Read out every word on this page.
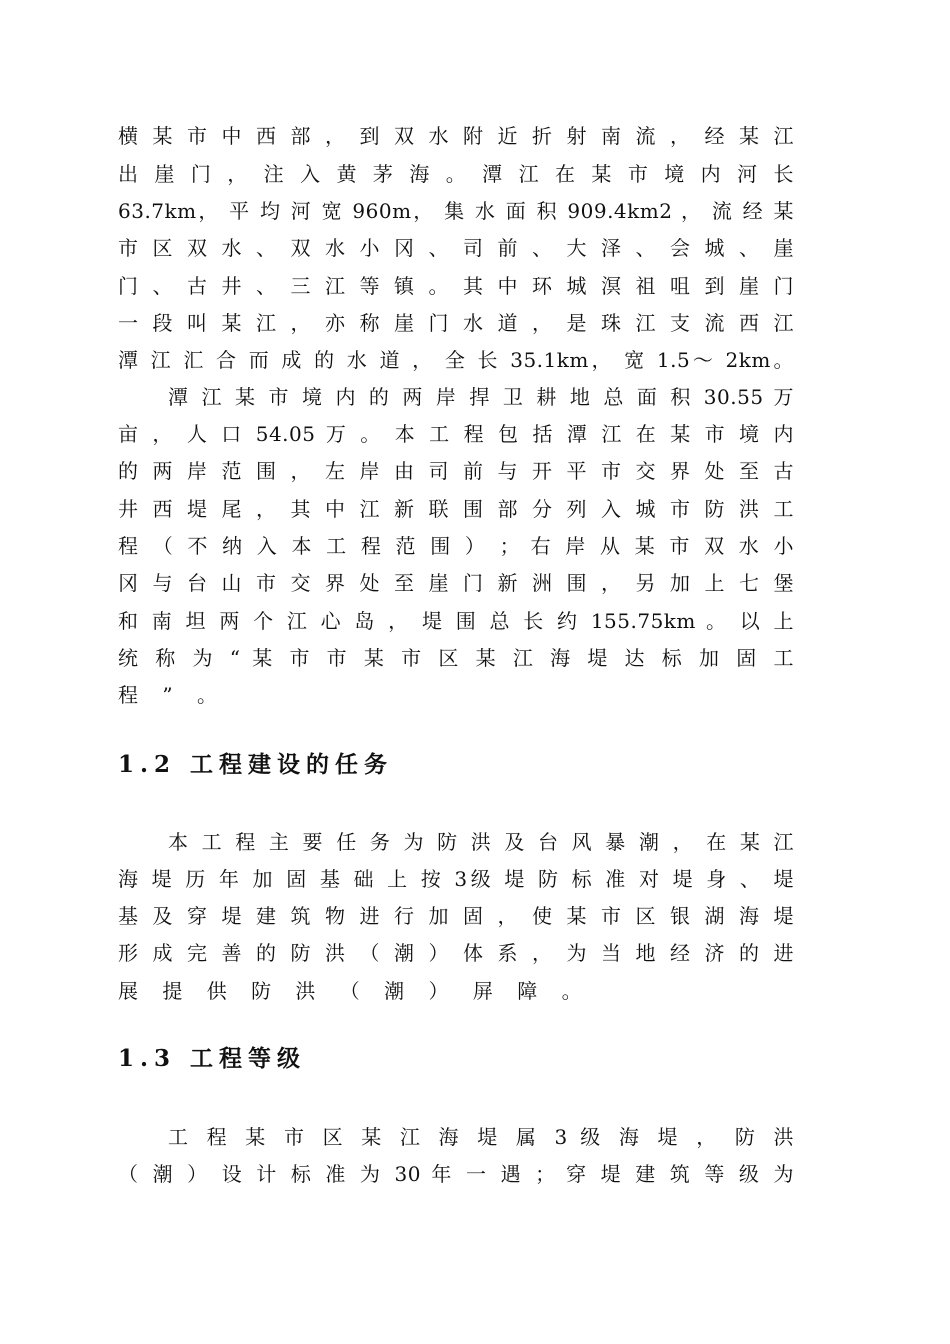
横 某 市 中 西 部 ， 到 双 水 附 近 折 射 南 流 ， 经 某 江
出 崖 门 ， 注 入 黄 茅 海 。 潭 江 在 某 市 境 内 河 长
63.7km， 平 均 河 宽 960m， 集 水 面 积 909.4km2 ， 流 经 某
市 区 双 水 、 双 水 小 冈 、 司 前 、 大 泽 、 会 城 、 崖
门 、 古 井 、 三 江 等 镇 。 其 中 环 城 溟 祖 咀 到 崖 门
一 段 叫 某 江 ， 亦 称 崖 门 水 道 ， 是 珠 江 支 流 西 江
潭 江 汇 合 而 成 的 水 道 ， 全 长 35.1km， 宽 1.5～ 2km。
潭 江 某 市 境 内 的 两 岸 捍 卫 耕 地 总 面 积 30.55 万
亩 ， 人 口 54.05 万 。 本 工 程 包 括 潭 江 在 某 市 境 内
的 两 岸 范 围 ， 左 岸 由 司 前 与 开 平 市 交 界 处 至 古
井 西 堤 尾 ， 其 中 江 新 联 围 部 分 列 入 城 市 防 洪 工
程 （ 不 纳 入 本 工 程 范 围 ） ； 右 岸 从 某 市 双 水 小
冈 与 台 山 市 交 界 处 至 崖 门 新 洲 围 ， 另 加 上 七 堡
和 南 坦 两 个 江 心 岛 ， 堤 围 总 长 约 155.75km 。 以 上
统 称 为 “ 某 市 市 某 市 区 某 江 海 堤 达 标 加 固 工
程 ” 。
1.2 工程建设的任务
本 工 程 主 要 任 务 为 防 洪 及 台 风 暴 潮 ， 在 某 江
海 堤 历 年 加 固 基 础 上 按 3级 堤 防 标 准 对 堤 身 、 堤
基 及 穿 堤 建 筑 物 进 行 加 固 ， 使 某 市 区 银 湖 海 堤
形 成 完 善 的 防 洪 （ 潮 ） 体 系 ， 为 当 地 经 济 的 进
展 提 供 防 洪 （ 潮 ） 屏 障 。
1.3 工程等级
工 程 某 市 区 某 江 海 堤 属 3 级 海 堤 ， 防 洪
（ 潮 ） 设 计 标 准 为 30 年 一 遇 ； 穿 堤 建 筑 等 级 为
